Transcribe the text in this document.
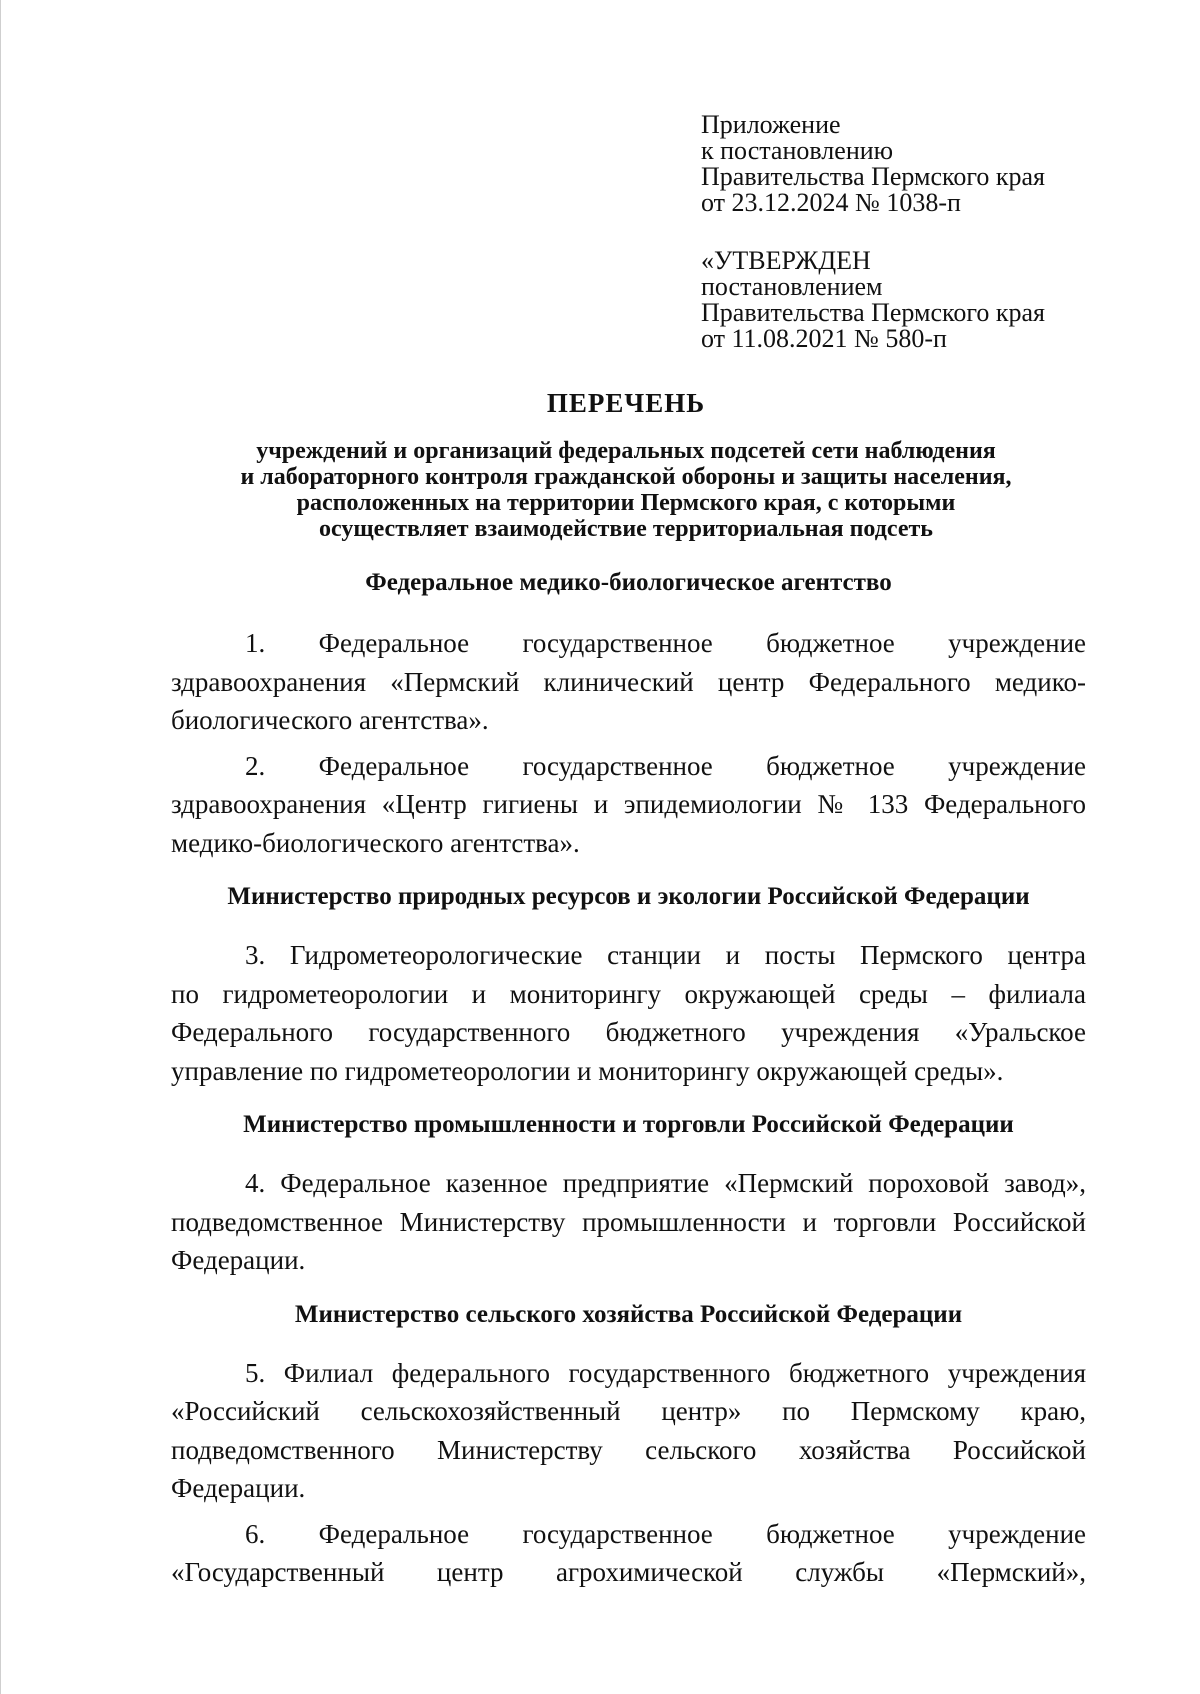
Приложение
к постановлению
Правительства Пермского края
от 23.12.2024 № 1038-п
«УТВЕРЖДЕН
постановлением
Правительства Пермского края
от 11.08.2021 № 580-п
ПЕРЕЧЕНЬ
учреждений и организаций федеральных подсетей сети наблюдения
и лабораторного контроля гражданской обороны и защиты населения,
расположенных на территории Пермского края, с которыми
осуществляет взаимодействие территориальная подсеть
Федеральное медико-биологическое агентство

1. Федеральное государственное бюджетное учреждение

здравоохранения «Пермский клинический центр Федерального медико-

биологического агентства».

2. Федеральное государственное бюджетное учреждение

здравоохранения «Центр гигиены и эпидемиологии № 133 Федерального

медико-биологического агентства».

Министерство природных ресурсов и экологии Российской Федерации

3. Гидрометеорологические станции и посты Пермского центра

по гидрометеорологии и мониторингу окружающей среды – филиала

Федерального государственного бюджетного учреждения «Уральское

управление по гидрометеорологии и мониторингу окружающей среды».

Министерство промышленности и торговли Российской Федерации

4. Федеральное казенное предприятие «Пермский пороховой завод»,

подведомственное Министерству промышленности и торговли Российской

Федерации.

Министерство сельского хозяйства Российской Федерации

5. Филиал федерального государственного бюджетного учреждения

«Российский сельскохозяйственный центр» по Пермскому краю,

подведомственного Министерству сельского хозяйства Российской

Федерации.

6. Федеральное государственное бюджетное учреждение

«Государственный центр агрохимической службы «Пермский»,
